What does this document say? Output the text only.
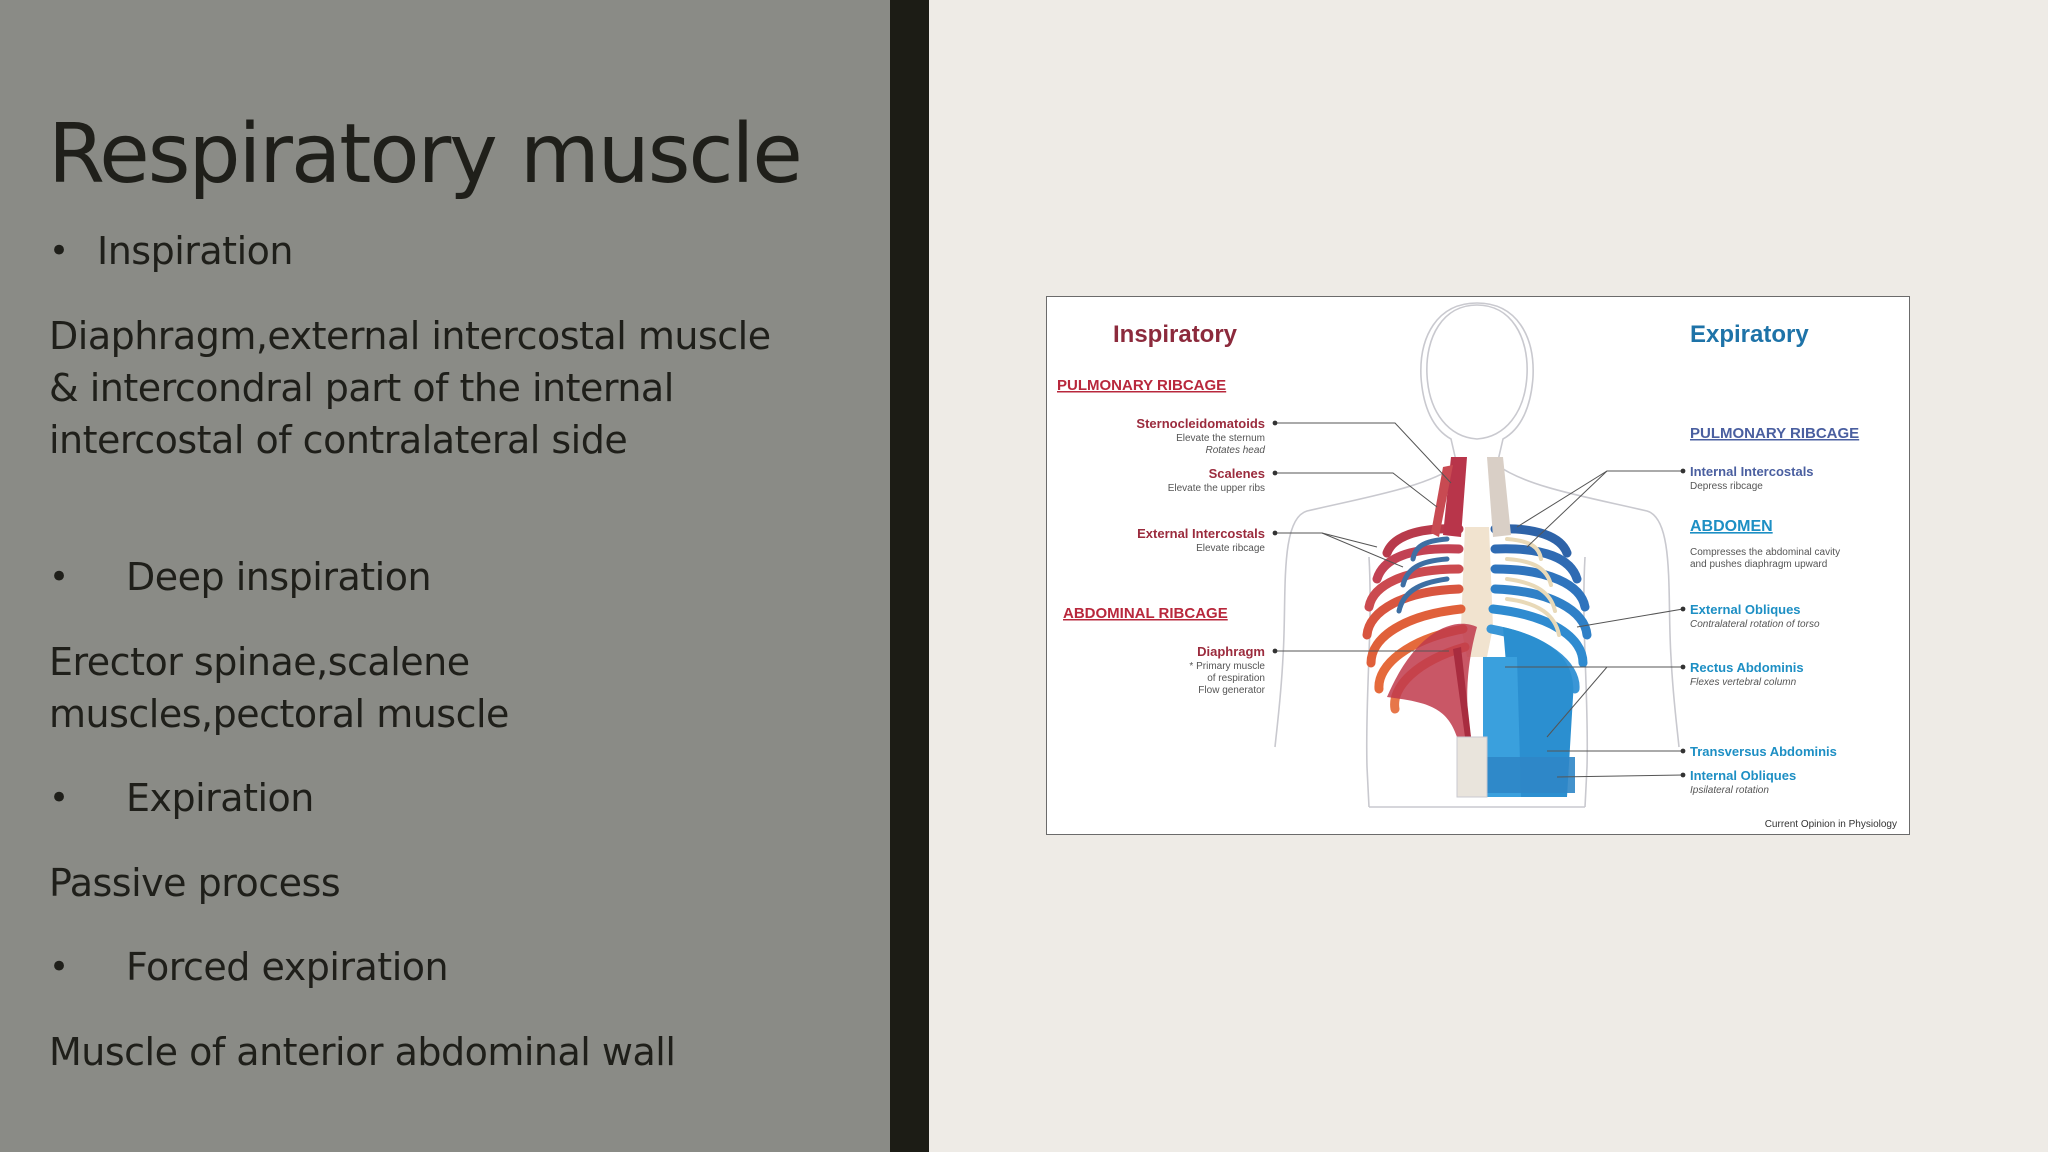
Respiratory muscle
• Inspiration

Diaphragm,external intercostal muscle & intercondral part of the internal intercostal of contralateral side

• Deep inspiration

Erector spinae,scalene muscles,pectoral muscle

• Expiration

Passive process

• Forced expiration

Muscle of anterior abdominal wall

Inspiratory
PULMONARY RIBCAGE
Sternocleidomatoids
Elevate the sternum
Rotates head
Scalenes
Elevate the upper ribs
External Intercostals
Elevate ribcage
ABDOMINAL RIBCAGE
Diaphragm
* Primary muscle
of respiration
Flow generator
Expiratory
PULMONARY RIBCAGE
Internal Intercostals
Depress ribcage
ABDOMEN
Compresses the abdominal cavity
and pushes diaphragm upward
External Obliques
Contralateral rotation of torso
Rectus Abdominis
Flexes vertebral column
Transversus Abdominis
Internal Obliques
Ipsilateral rotation
Current Opinion in Physiology
